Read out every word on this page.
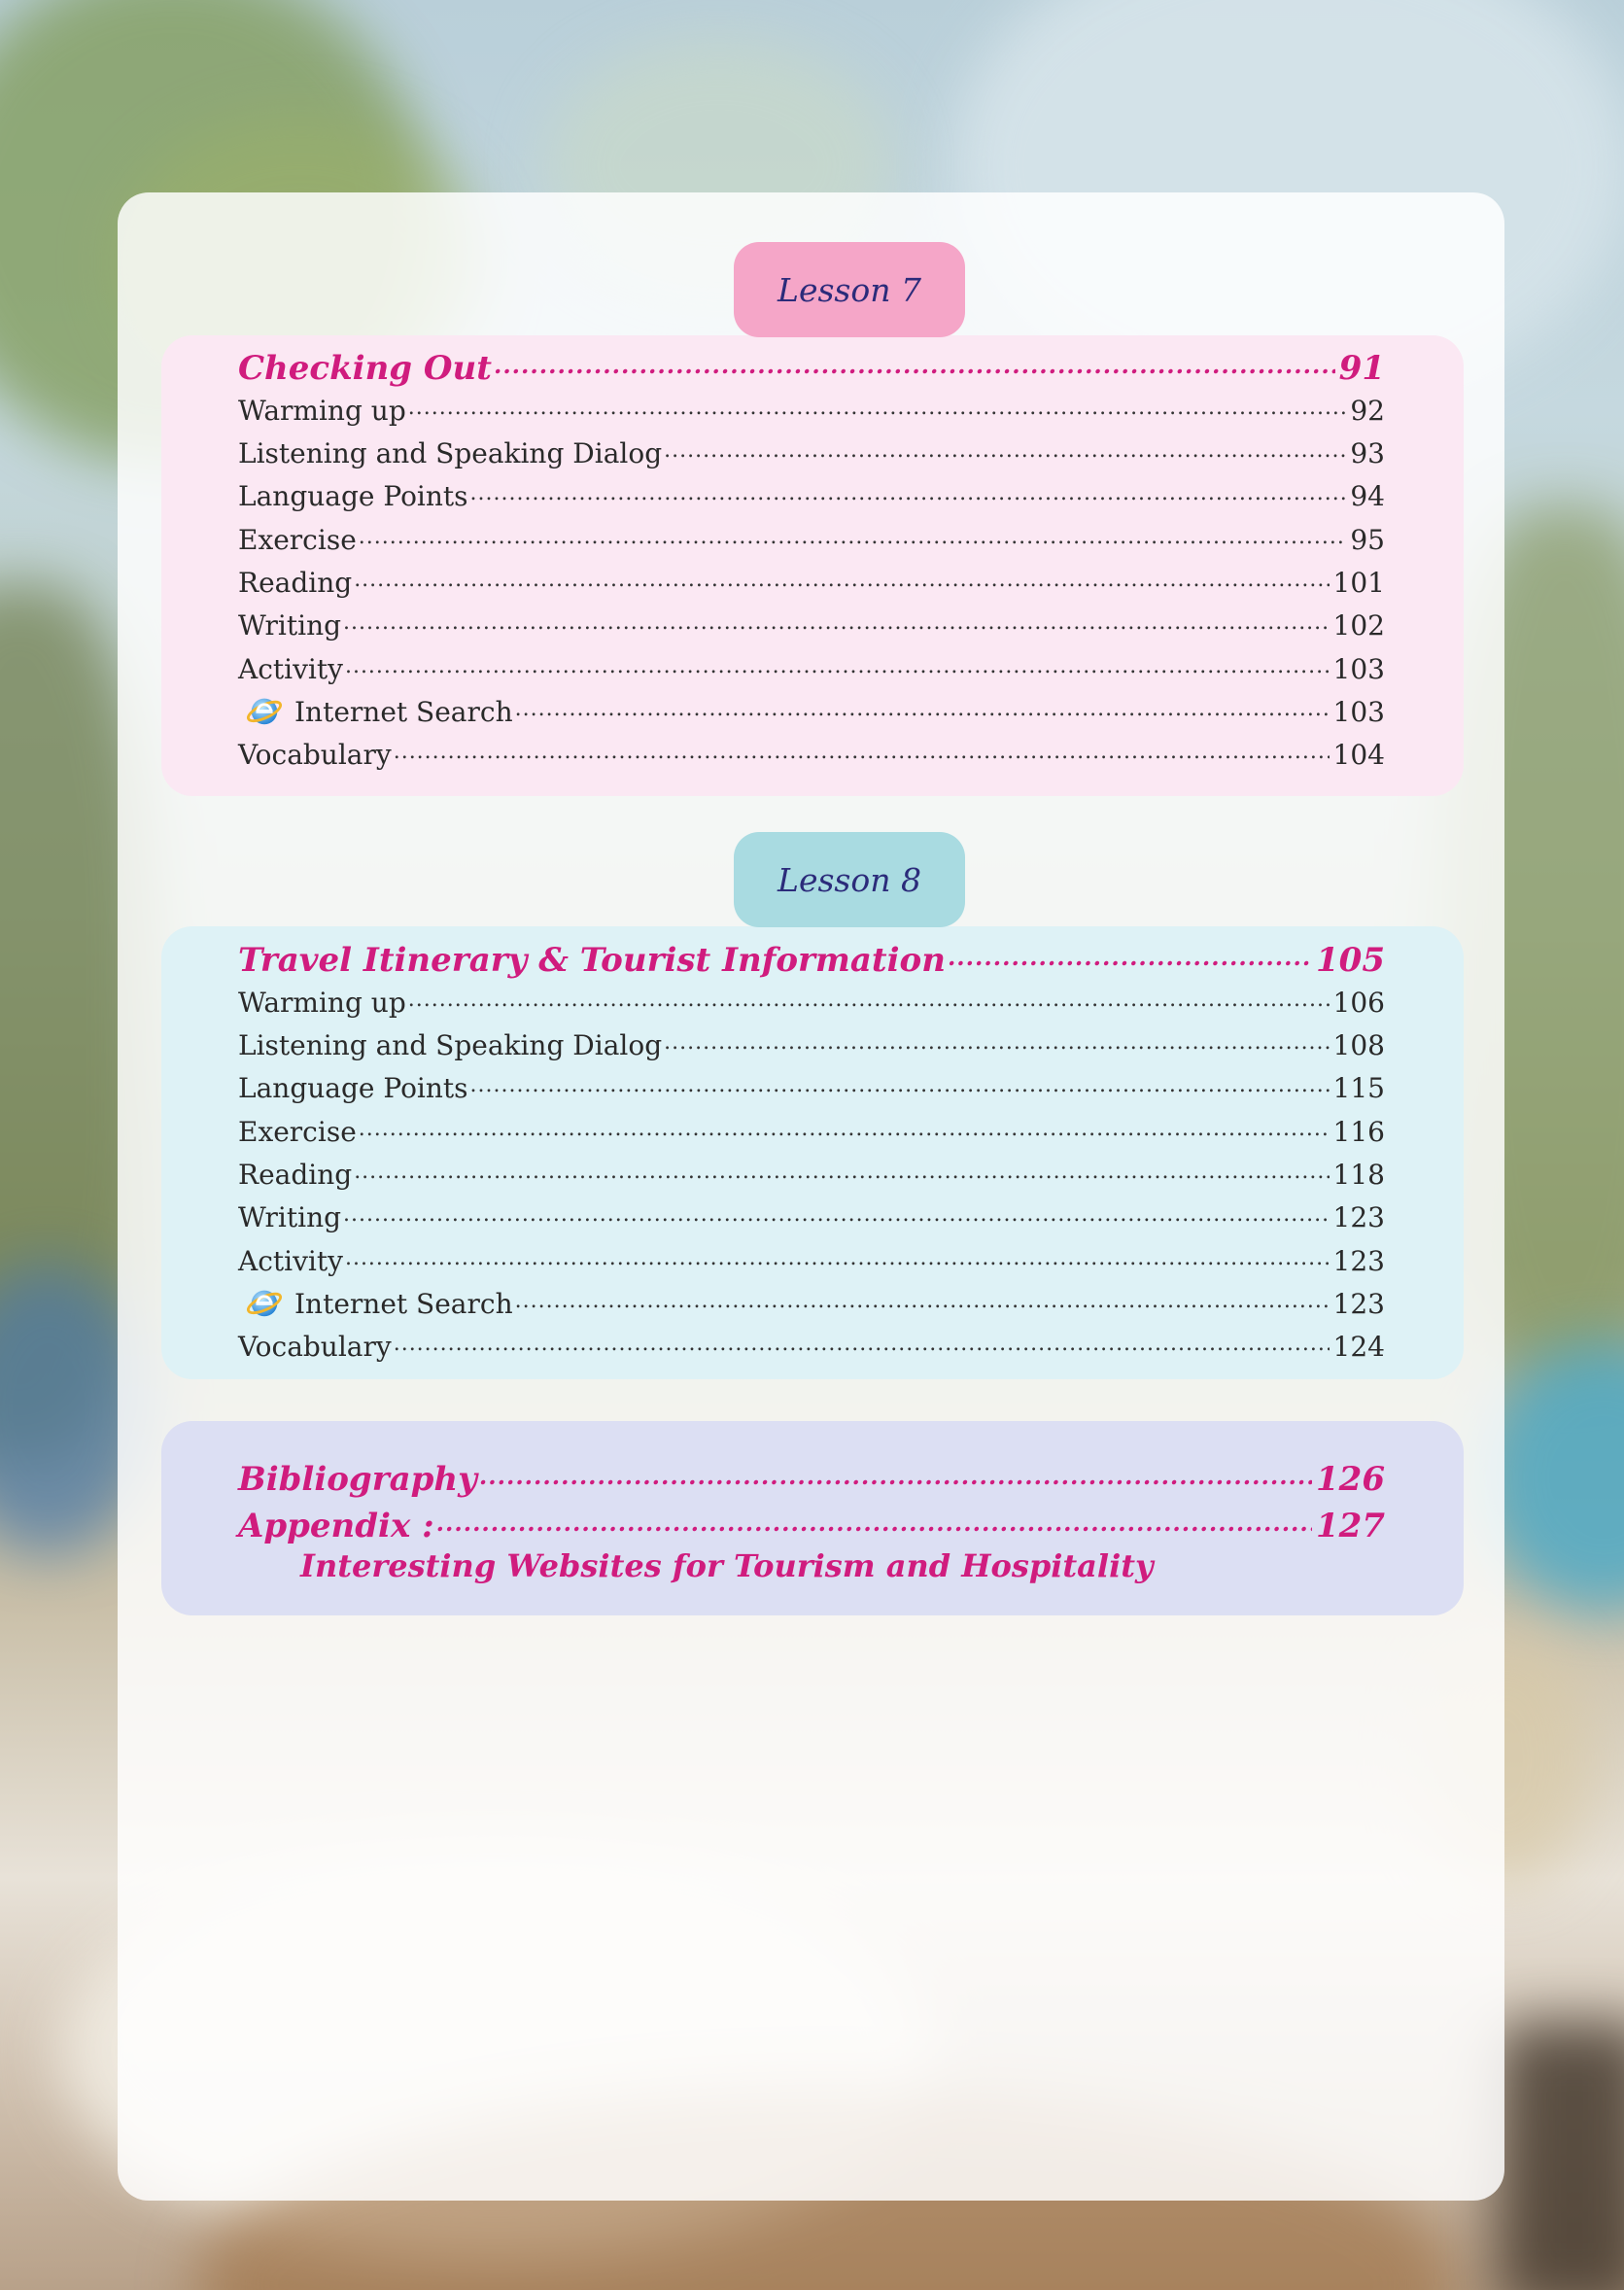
Lesson 7
Checking Out .....	91
Warming up .....	92
Listening and Speaking Dialog .....	93
Language Points .....	94
Exercise .....	95
Reading .....	101
Writing .....	102
Activity .....	103
Internet Search .....	103
Vocabulary .....	104
Lesson 8
Travel Itinerary & Tourist Information .....	105
Warming up .....	106
Listening and Speaking Dialog .....	108
Language Points .....	115
Exercise .....	116
Reading .....	118
Writing .....	123
Activity .....	123
Internet Search .....	123
Vocabulary .....	124
Bibliography .....	126
Appendix : .....	127
Interesting Websites for Tourism and Hospitality
